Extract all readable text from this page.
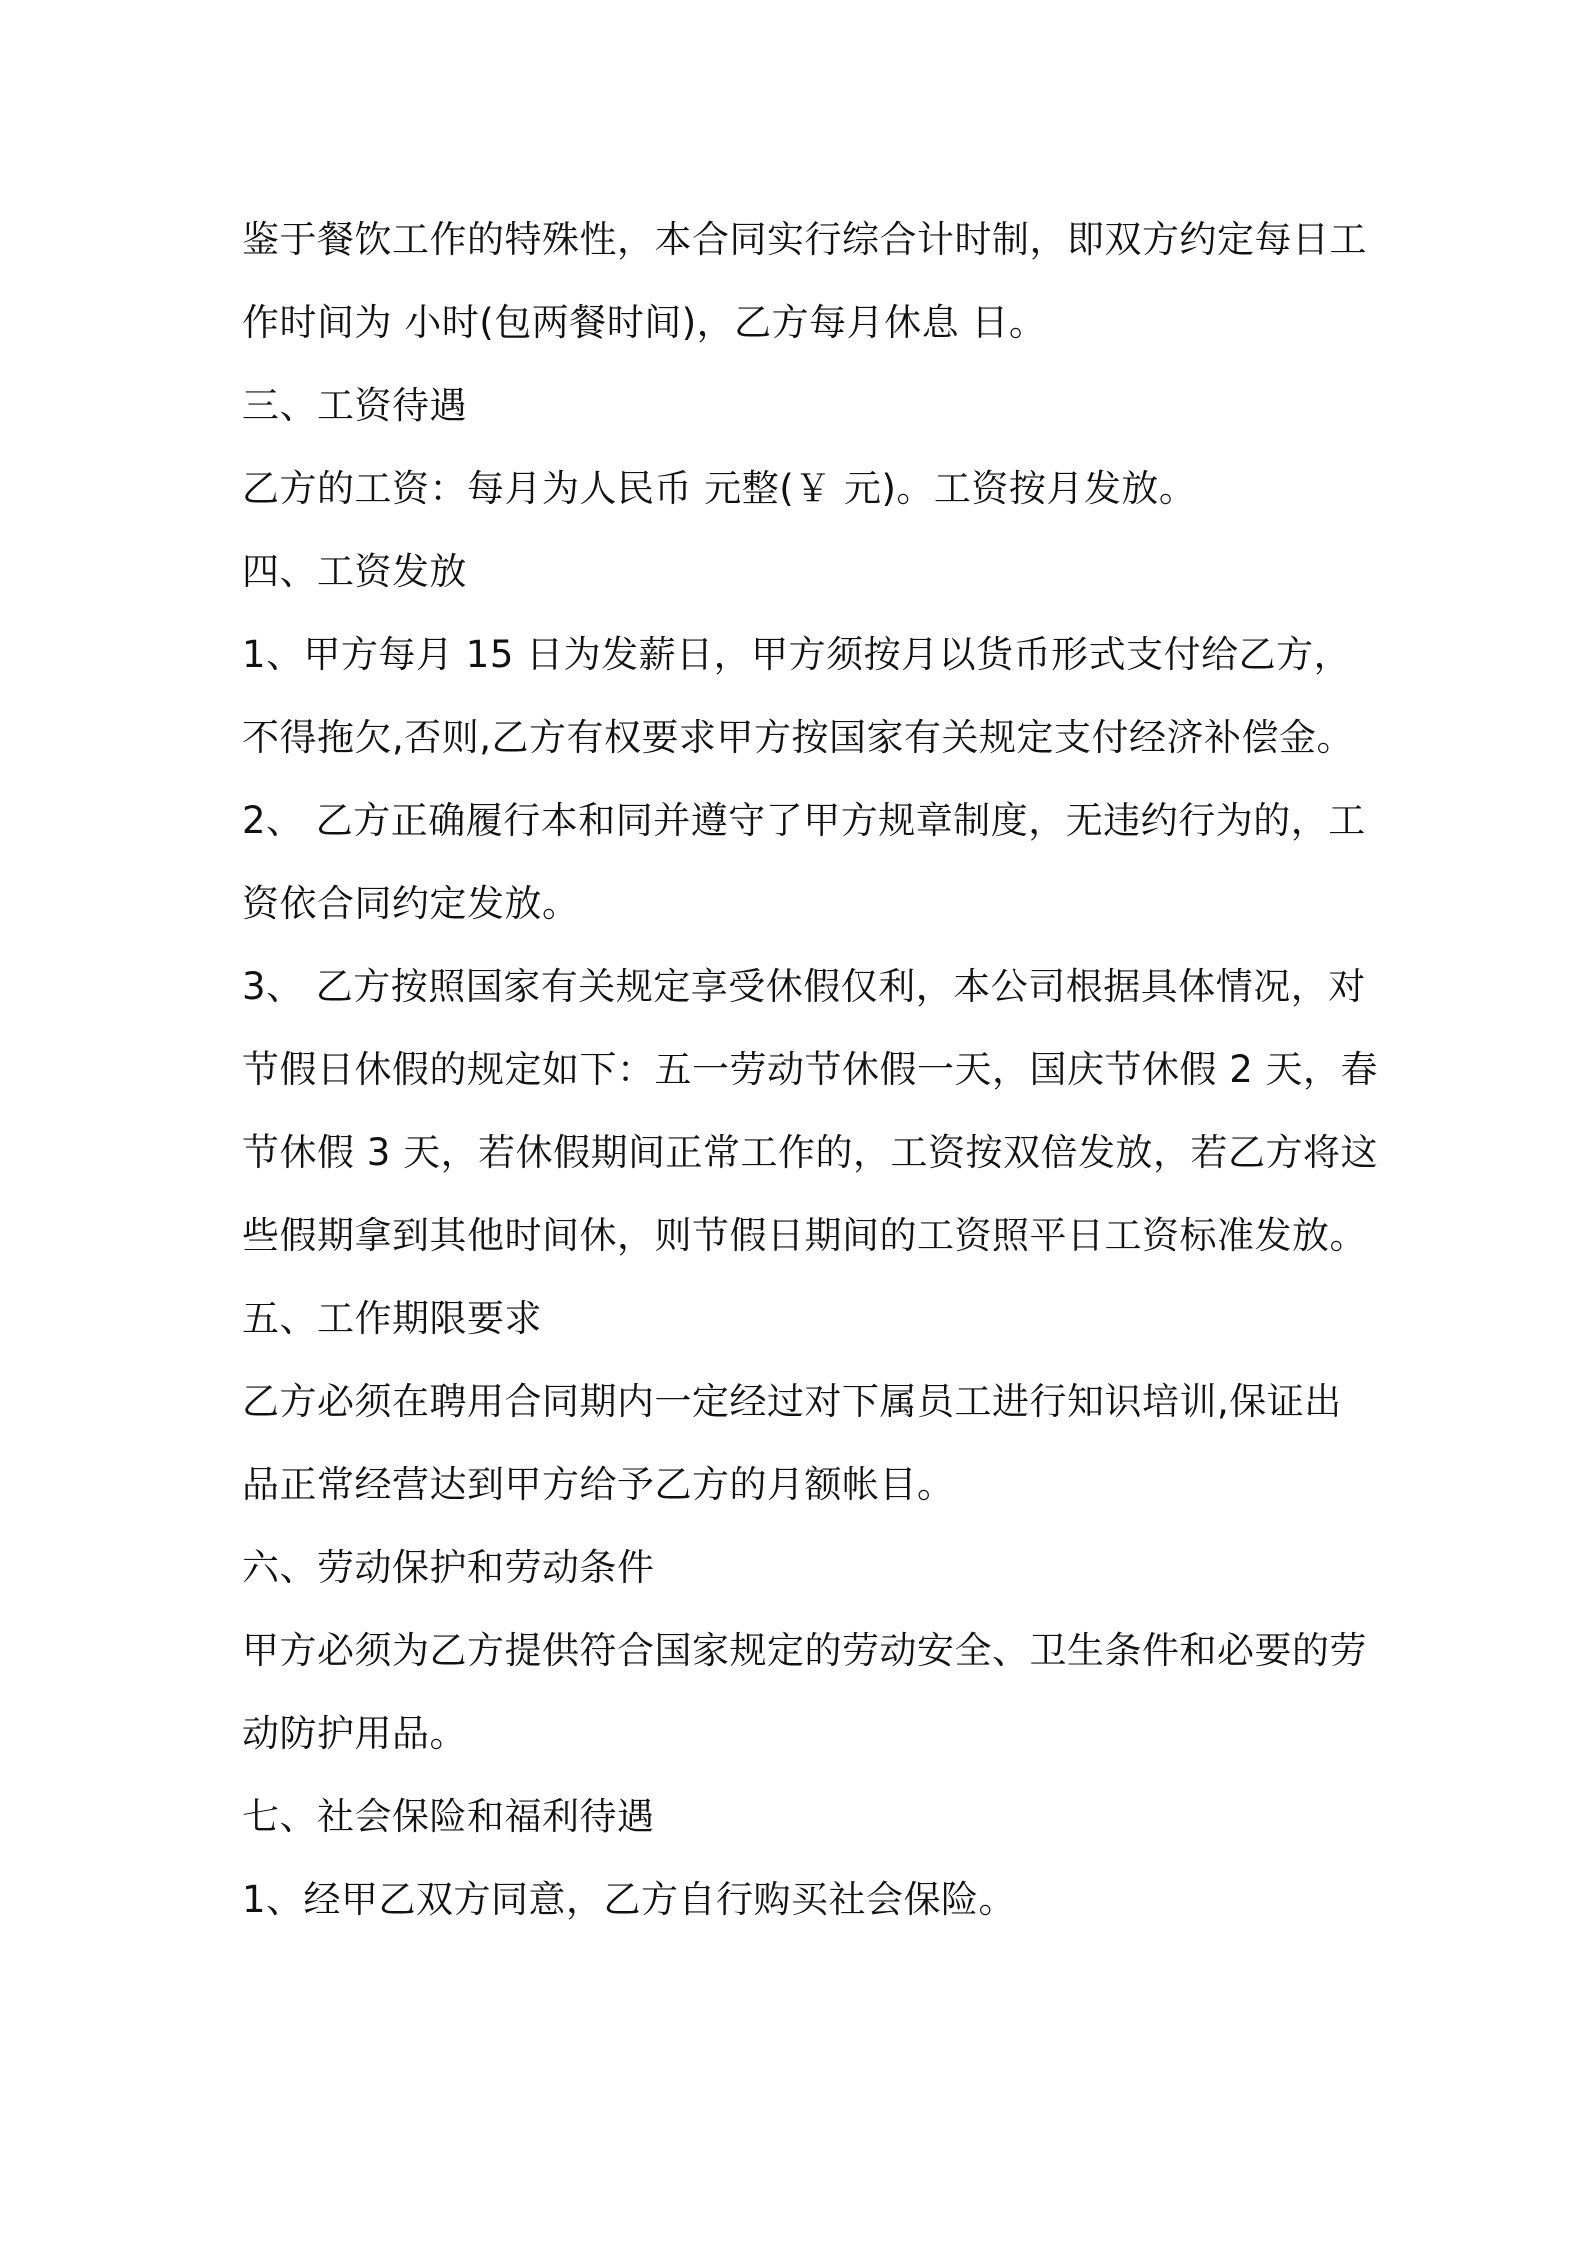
鉴于餐饮工作的特殊性，本合同实行综合计时制，即双方约定每日工
作时间为 小时(包两餐时间)，乙方每月休息 日。
三、工资待遇
乙方的工资：每月为人民币 元整(￥ 元)。工资按月发放。
四、工资发放
1、甲方每月 15 日为发薪日，甲方须按月以货币形式支付给乙方，
不得拖欠,否则,乙方有权要求甲方按国家有关规定支付经济补偿金。
2、 乙方正确履行本和同并遵守了甲方规章制度，无违约行为的，工
资依合同约定发放。
3、 乙方按照国家有关规定享受休假仅利，本公司根据具体情况，对
节假日休假的规定如下：五一劳动节休假一天，国庆节休假 2 天，春
节休假 3 天，若休假期间正常工作的，工资按双倍发放，若乙方将这
些假期拿到其他时间休，则节假日期间的工资照平日工资标准发放。
五、工作期限要求
乙方必须在聘用合同期内一定经过对下属员工进行知识培训,保证出
品正常经营达到甲方给予乙方的月额帐目。
六、劳动保护和劳动条件
甲方必须为乙方提供符合国家规定的劳动安全、卫生条件和必要的劳
动防护用品。
七、社会保险和福利待遇
1、经甲乙双方同意，乙方自行购买社会保险。
